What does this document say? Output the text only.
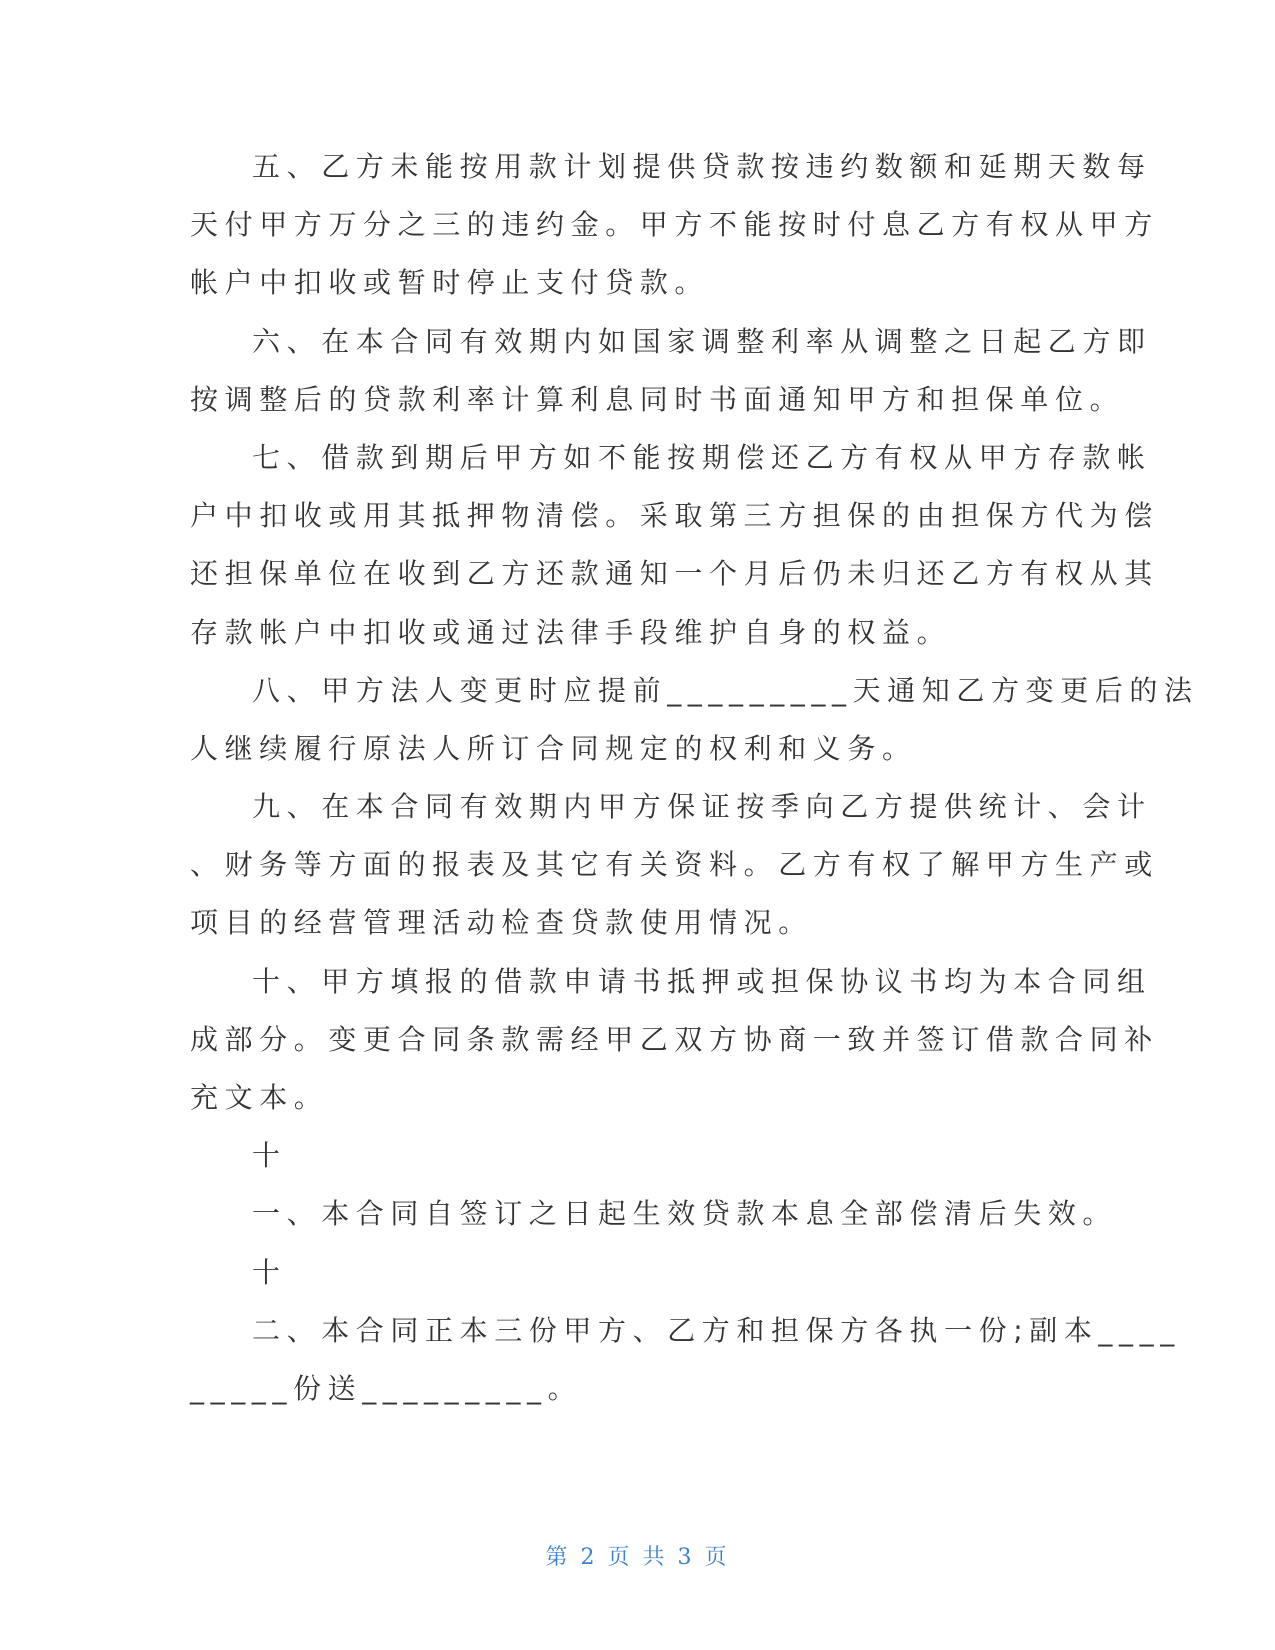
五、乙方未能按用款计划提供贷款按违约数额和延期天数每
天付甲方万分之三的违约金。甲方不能按时付息乙方有权从甲方
帐户中扣收或暂时停止支付贷款。
六、在本合同有效期内如国家调整利率从调整之日起乙方即
按调整后的贷款利率计算利息同时书面通知甲方和担保单位。
七、借款到期后甲方如不能按期偿还乙方有权从甲方存款帐
户中扣收或用其抵押物清偿。采取第三方担保的由担保方代为偿
还担保单位在收到乙方还款通知一个月后仍未归还乙方有权从其
存款帐户中扣收或通过法律手段维护自身的权益。
八、甲方法人变更时应提前_________天通知乙方变更后的法
人继续履行原法人所订合同规定的权利和义务。
九、在本合同有效期内甲方保证按季向乙方提供统计、会计
、财务等方面的报表及其它有关资料。乙方有权了解甲方生产或
项目的经营管理活动检查贷款使用情况。
十、甲方填报的借款申请书抵押或担保协议书均为本合同组
成部分。变更合同条款需经甲乙双方协商一致并签订借款合同补
充文本。
十
一、本合同自签订之日起生效贷款本息全部偿清后失效。
十
二、本合同正本三份甲方、乙方和担保方各执一份;副本____
_____份送_________。
第 2 页 共 3 页
